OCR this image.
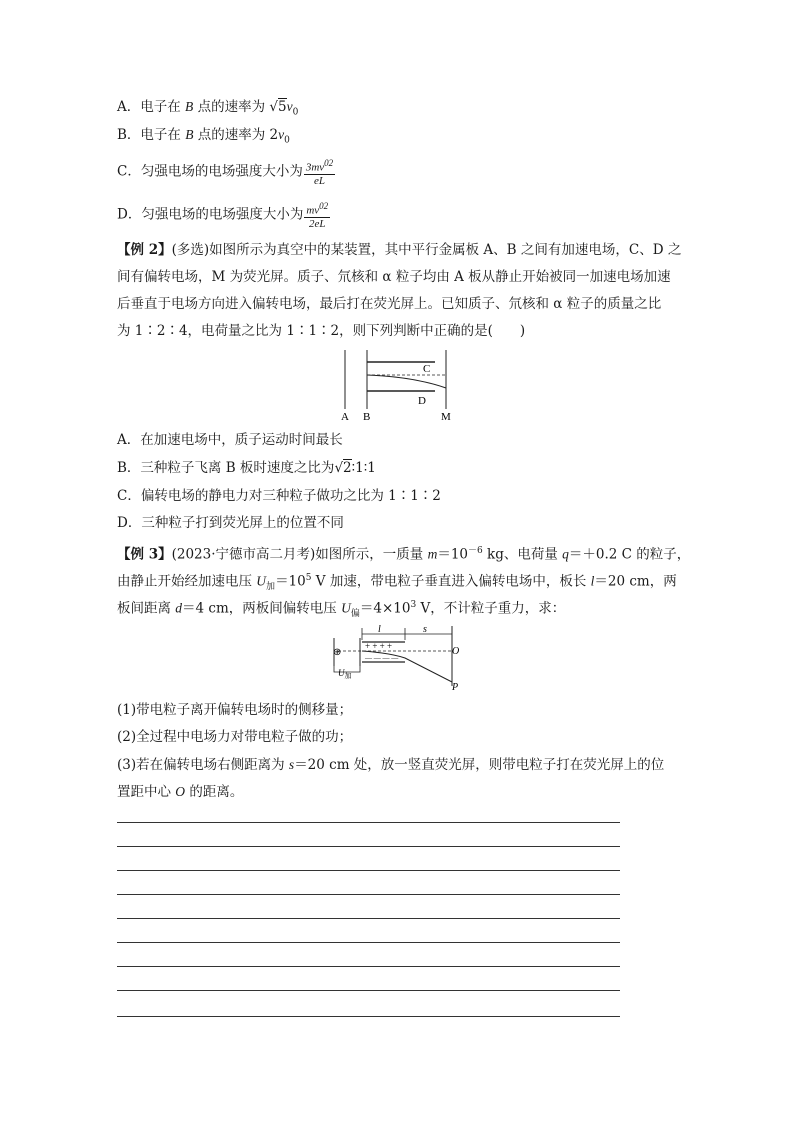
A．电子在 B 点的速率为 $√5v_0$
B．电子在 B 点的速率为 $2v_0$
C．匀强电场的电场强度大小为 $\frac{3mv^{02}}{eL}$
D．匀强电场的电场强度大小为 $\frac{mv^{02}}{2eL}$
【例 2】(多选)如图所示为真空中的某装置，其中平行金属板 A、B 之间有加速电场，C、D 之
间有偏转电场，M 为荧光屏。质子、氘核和 α 粒子均由 A 板从静止开始被同一加速电场加速
后垂直于电场方向进入偏转电场，最后打在荧光屏上。已知质子、氘核和 α 粒子的质量之比
为 1∶2∶4，电荷量之比为 1∶1∶2，则下列判断中正确的是(　　)
C
D
A B	M
A．在加速电场中，质子运动时间最长
B．三种粒子飞离 B 板时速度之比为√2∶1∶1
C．偏转电场的静电力对三种粒子做功之比为 1∶1∶2
D．三种粒子打到荧光屏上的位置不同
【例 3】(2023·宁德市高二月考)如图所示，一质量 $m=10^{-6}$ kg、电荷量 q＝＋0.2 C 的粒子，
由静止开始经加速电压 $U_加=10^5$ V 加速，带电粒子垂直进入偏转电场中，板长 l＝20 cm，两
板间距离 d＝4 cm，两板间偏转电压 $U_偏=4\times 10^3$ V，不计粒子重力，求：
l	s
⊕
+ + + +
— — — —
O
P
$U_加$
(1)带电粒子离开偏转电场时的侧移量；
(2)全过程中电场力对带电粒子做的功；
(3)若在偏转电场右侧距离为 s＝20 cm 处，放一竖直荧光屏，则带电粒子打在荧光屏上的位
置距中心 O 的距离。
